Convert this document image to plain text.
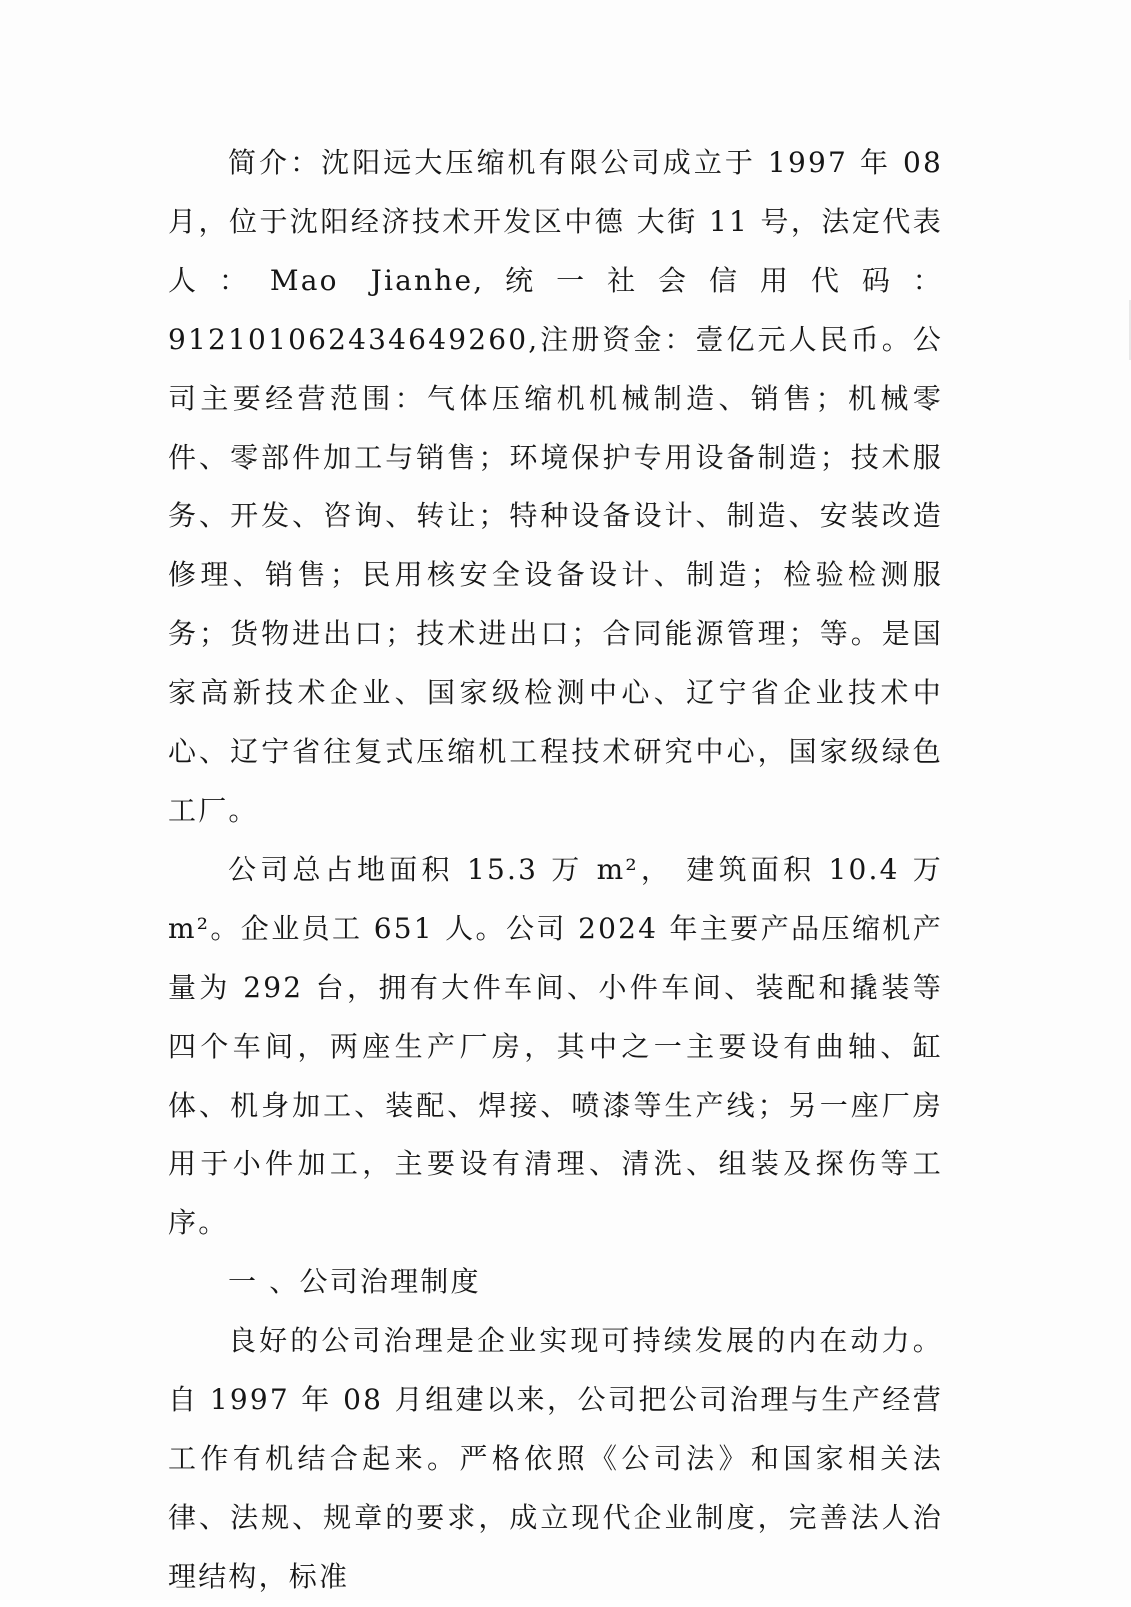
简介：沈阳远大压缩机有限公司成立于 1997 年 08 月，位于沈阳经济技术开发区中德 大街 11 号，法定代表人：Mao Jianhe,统一社会信用代码：912101062434649260,注册资金：壹亿元人民币。公司主要经营范围：气体压缩机机械制造、销售；机械零件、零部件加工与销售；环境保护专用设备制造；技术服务、开发、咨询、转让；特种设备设计、制造、安装改造修理、销售；民用核安全设备设计、制造；检验检测服务；货物进出口；技术进出口；合同能源管理；等。是国家高新技术企业、国家级检测中心、辽宁省企业技术中心、辽宁省往复式压缩机工程技术研究中心，国家级绿色工厂。

公司总占地面积 15.3 万 m²， 建筑面积 10.4 万 m²。企业员工 651 人。公司 2024 年主要产品压缩机产量为 292 台，拥有大件车间、小件车间、装配和撬装等四个车间，两座生产厂房，其中之一主要设有曲轴、缸体、机身加工、装配、焊接、喷漆等生产线；另一座厂房用于小件加工，主要设有清理、清洗、组装及探伤等工序。

一 、公司治理制度

良好的公司治理是企业实现可持续发展的内在动力。自 1997 年 08 月组建以来，公司把公司治理与生产经营工作有机结合起来。严格依照《公司法》和国家相关法律、法规、规章的要求，成立现代企业制度，完善法人治理结构，标准
